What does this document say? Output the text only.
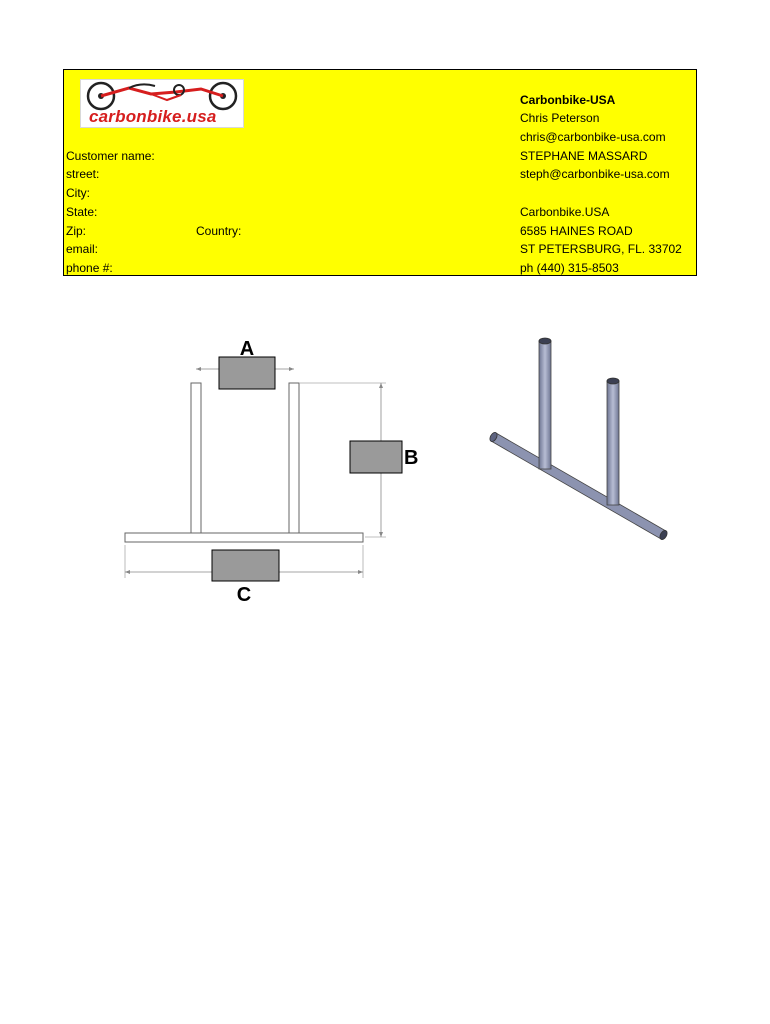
carbonbike.usa
Customer name:
street:
City:
State:
Zip:	Country:
email:
phone #:
Carbonbike-USA
Chris Peterson
chris@carbonbike-usa.com
STEPHANE MASSARD
steph@carbonbike-usa.com
Carbonbike.USA
6585 HAINES ROAD
ST PETERSBURG, FL. 33702
ph (440) 315-8503
A
B
C
